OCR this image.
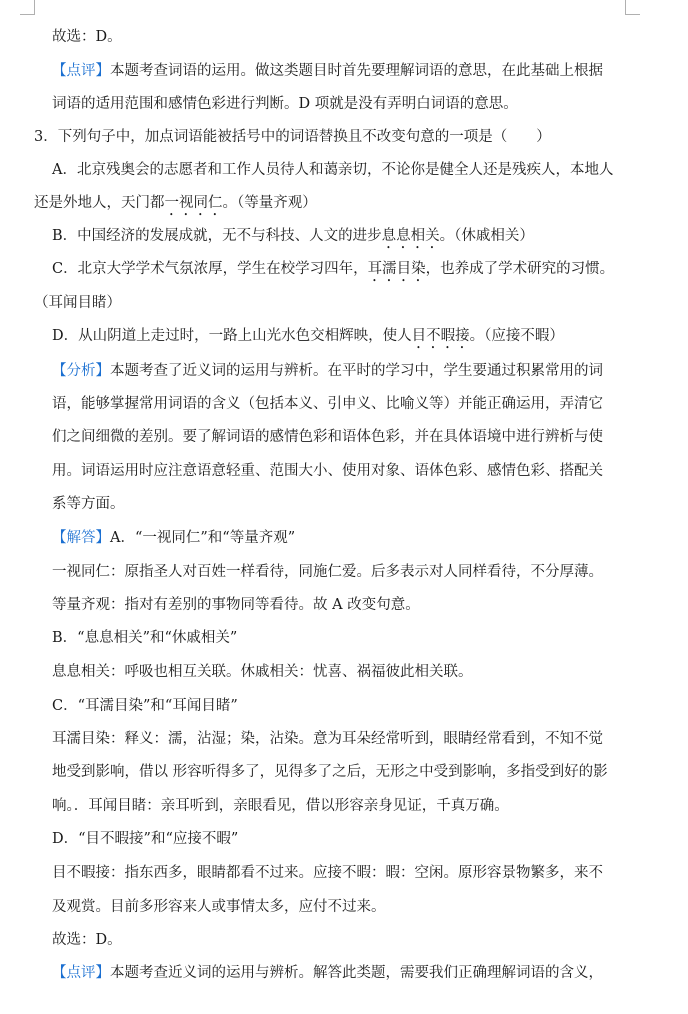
故选：D。
【点评】本题考查词语的运用。做这类题目时首先要理解词语的意思，在此基础上根据
词语的适用范围和感情色彩进行判断。D 项就是没有弄明白词语的意思。
3．下列句子中，加点词语能被括号中的词语替换且不改变句意的一项是（　　）
A．北京残奥会的志愿者和工作人员待人和蔼亲切，不论你是健全人还是残疾人，本地人
还是外地人，天门都一视同仁。（等量齐观）
B．中国经济的发展成就，无不与科技、人文的进步息息相关。（休戚相关）
C．北京大学学术气氛浓厚，学生在校学习四年，耳濡目染，也养成了学术研究的习惯。
（耳闻目睹）
D．从山阴道上走过时，一路上山光水色交相辉映，使人目不暇接。（应接不暇）
【分析】本题考查了近义词的运用与辨析。在平时的学习中，学生要通过积累常用的词
语，能够掌握常用词语的含义（包括本义、引申义、比喻义等）并能正确运用，弄清它
们之间细微的差别。要了解词语的感情色彩和语体色彩，并在具体语境中进行辨析与使
用。词语运用时应注意语意轻重、范围大小、使用对象、语体色彩、感情色彩、搭配关
系等方面。
【解答】A．“一视同仁”和“等量齐观”
一视同仁：原指圣人对百姓一样看待，同施仁爱。后多表示对人同样看待，不分厚薄。
等量齐观：指对有差别的事物同等看待。故 A 改变句意。
B．“息息相关”和“休戚相关”
息息相关：呼吸也相互关联。休戚相关：忧喜、祸福彼此相关联。
C．“耳濡目染”和“耳闻目睹”
耳濡目染：释义：濡，沾湿；染，沾染。意为耳朵经常听到，眼睛经常看到，不知不觉
地受到影响，借以 形容听得多了，见得多了之后，无形之中受到影响，多指受到好的影
响。．耳闻目睹：亲耳听到，亲眼看见，借以形容亲身见证，千真万确。
D．“目不暇接”和“应接不暇”
目不暇接：指东西多，眼睛都看不过来。应接不暇：暇：空闲。原形容景物繁多，来不
及观赏。目前多形容来人或事情太多，应付不过来。
故选：D。
【点评】本题考查近义词的运用与辨析。解答此类题，需要我们正确理解词语的含义，
